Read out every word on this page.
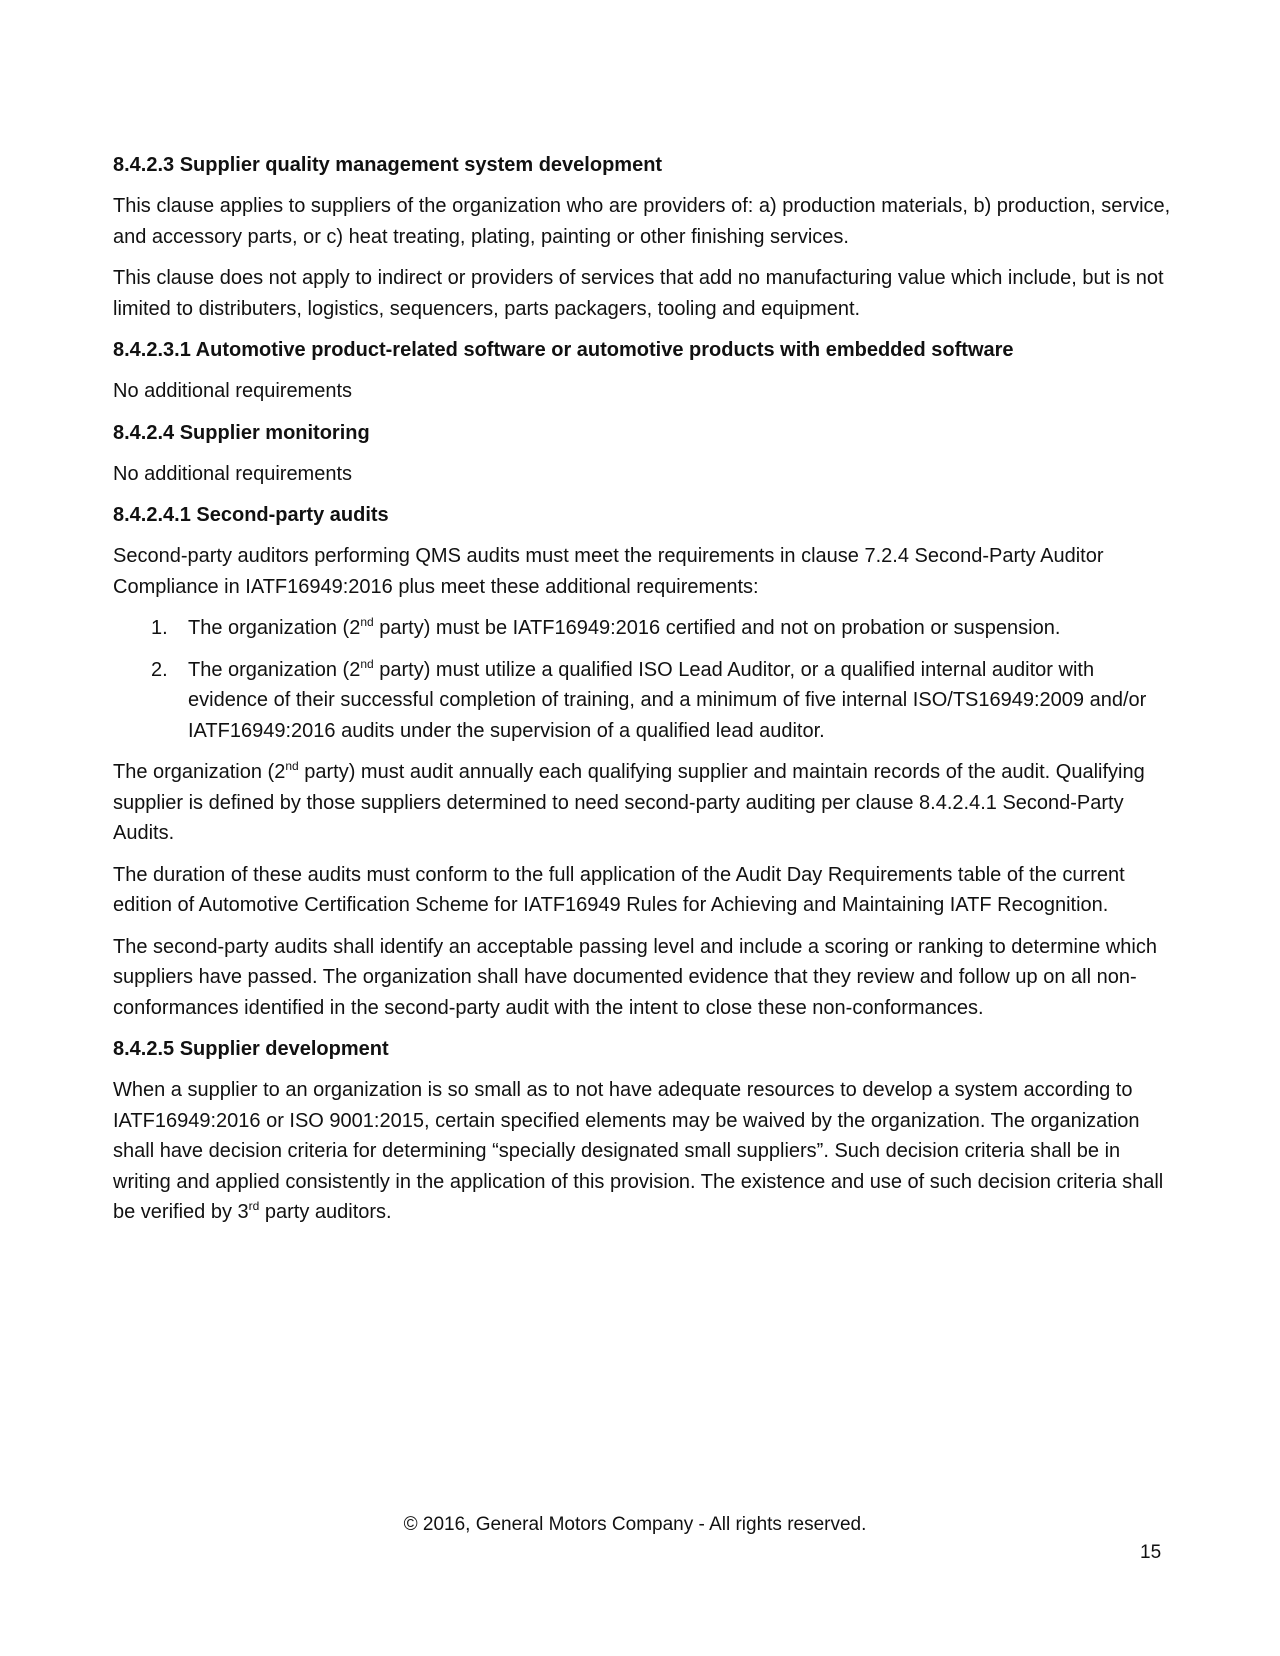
8.4.2.3 Supplier quality management system development

This clause applies to suppliers of the organization who are providers of: a) production materials, b) production, service, and accessory parts, or c) heat treating, plating, painting or other finishing services.

This clause does not apply to indirect or providers of services that add no manufacturing value which include, but is not limited to distributers, logistics, sequencers, parts packagers, tooling and equipment.

8.4.2.3.1 Automotive product-related software or automotive products with embedded software

No additional requirements

8.4.2.4 Supplier monitoring

No additional requirements

8.4.2.4.1 Second-party audits

Second-party auditors performing QMS audits must meet the requirements in clause 7.2.4 Second-Party Auditor Compliance in IATF16949:2016 plus meet these additional requirements:

1. The organization (2nd party) must be IATF16949:2016 certified and not on probation or suspension.
2. The organization (2nd party) must utilize a qualified ISO Lead Auditor, or a qualified internal auditor with evidence of their successful completion of training, and a minimum of five internal ISO/TS16949:2009 and/or IATF16949:2016 audits under the supervision of a qualified lead auditor.

The organization (2nd party) must audit annually each qualifying supplier and maintain records of the audit. Qualifying supplier is defined by those suppliers determined to need second-party auditing per clause 8.4.2.4.1 Second-Party Audits.

The duration of these audits must conform to the full application of the Audit Day Requirements table of the current edition of Automotive Certification Scheme for IATF16949 Rules for Achieving and Maintaining IATF Recognition.

The second-party audits shall identify an acceptable passing level and include a scoring or ranking to determine which suppliers have passed. The organization shall have documented evidence that they review and follow up on all non-conformances identified in the second-party audit with the intent to close these non-conformances.

8.4.2.5 Supplier development

When a supplier to an organization is so small as to not have adequate resources to develop a system according to IATF16949:2016 or ISO 9001:2015, certain specified elements may be waived by the organization. The organization shall have decision criteria for determining “specially designated small suppliers”. Such decision criteria shall be in writing and applied consistently in the application of this provision. The existence and use of such decision criteria shall be verified by 3rd party auditors.

© 2016, General Motors Company - All rights reserved.
15
